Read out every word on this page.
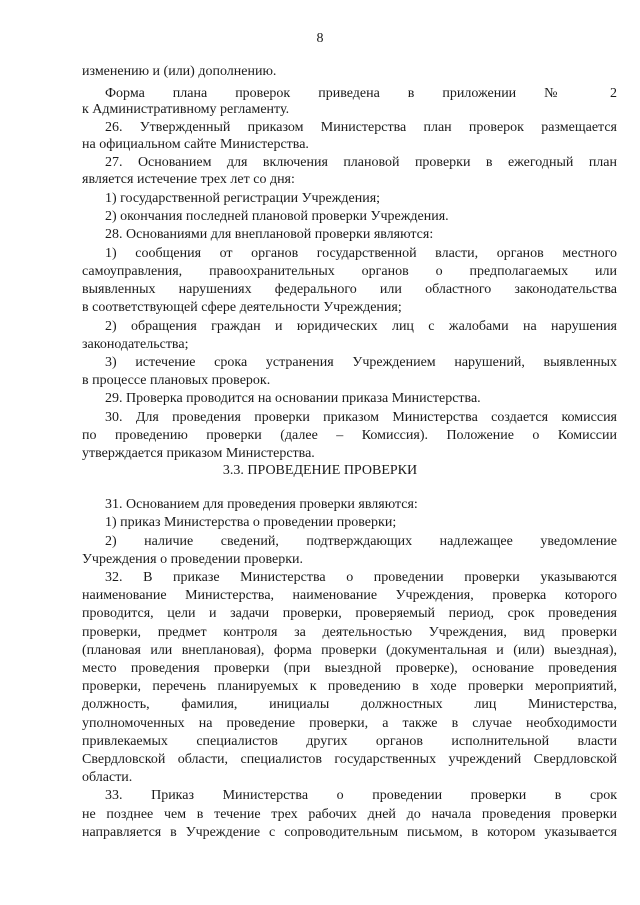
8
изменению и (или) дополнению.
Форма плана проверок приведена в приложении № 2
к Административному регламенту.
26. Утвержденный приказом Министерства план проверок размещается
на официальном сайте Министерства.
27. Основанием для включения плановой проверки в ежегодный план
является истечение трех лет со дня:
1) государственной регистрации Учреждения;
2) окончания последней плановой проверки Учреждения.
28. Основаниями для внеплановой проверки являются:
1) сообщения от органов государственной власти, органов местного
самоуправления, правоохранительных органов о предполагаемых или
выявленных нарушениях федерального или областного законодательства
в соответствующей сфере деятельности Учреждения;
2) обращения граждан и юридических лиц с жалобами на нарушения
законодательства;
3) истечение срока устранения Учреждением нарушений, выявленных
в процессе плановых проверок.
29. Проверка проводится на основании приказа Министерства.
30. Для проведения проверки приказом Министерства создается комиссия
по проведению проверки (далее – Комиссия). Положение о Комиссии
утверждается приказом Министерства.
3.3. ПРОВЕДЕНИЕ ПРОВЕРКИ
31. Основанием для проведения проверки являются:
1) приказ Министерства о проведении проверки;
2) наличие сведений, подтверждающих надлежащее уведомление
Учреждения о проведении проверки.
32. В приказе Министерства о проведении проверки указываются
наименование Министерства, наименование Учреждения, проверка которого
проводится, цели и задачи проверки, проверяемый период, срок проведения
проверки, предмет контроля за деятельностью Учреждения, вид проверки
(плановая или внеплановая), форма проверки (документальная и (или) выездная),
место проведения проверки (при выездной проверке), основание проведения
проверки, перечень планируемых к проведению в ходе проверки мероприятий,
должность, фамилия, инициалы должностных лиц Министерства,
уполномоченных на проведение проверки, а также в случае необходимости
привлекаемых специалистов других органов исполнительной власти
Свердловской области, специалистов государственных учреждений Свердловской
области.
33. Приказ Министерства о проведении проверки в срок
не позднее чем в течение трех рабочих дней до начала проведения проверки
направляется в Учреждение с сопроводительным письмом, в котором указывается
